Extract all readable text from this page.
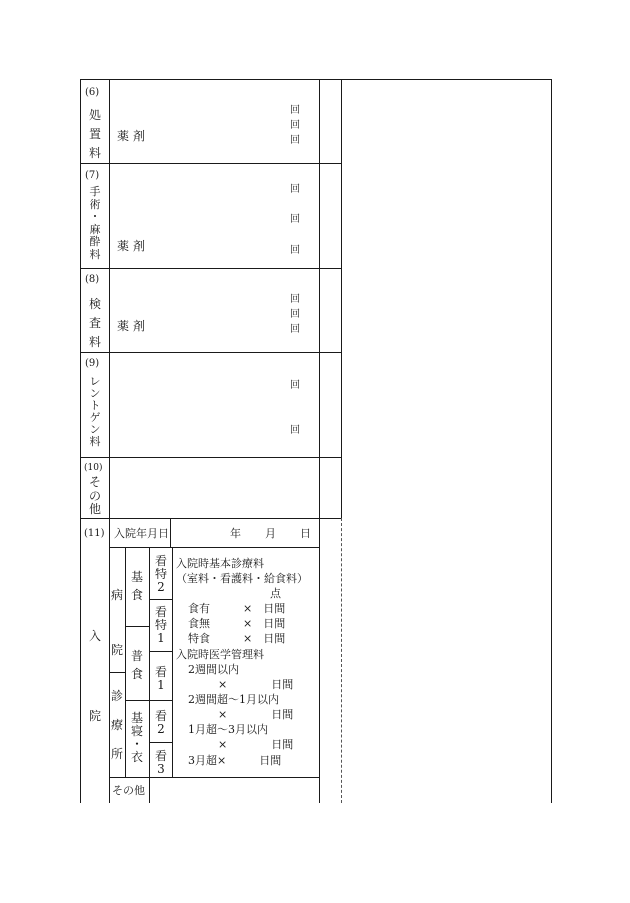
(6)
処
置
料
薬 剤
回
回
回
(7)
手
術
・
麻
酔
料
薬 剤
回
回
回
(8)
検
査
料
薬 剤
回
回
回
(9)
レ
ン
ト
ゲ
ン
料
回
回
(10)
そ
の
他
(11)
入
院
入院年月日	年 月 日
病
院
診
療
所
基
食
普
食
基
寝
・
衣
看
特
2
看
特
1
看
1
看
2
看
3
入院時基本診療料
（室料・看護料・給食料）
点
食有　　　×　日間
食無　　　×　日間
特食　　　×　日間
入院時医学管理料
2週間以内
×　　　　日間
2週間超～1月以内
×　　　　日間
1月超～3月以内
×　　　　日間
3月超×　　　日間
その他
